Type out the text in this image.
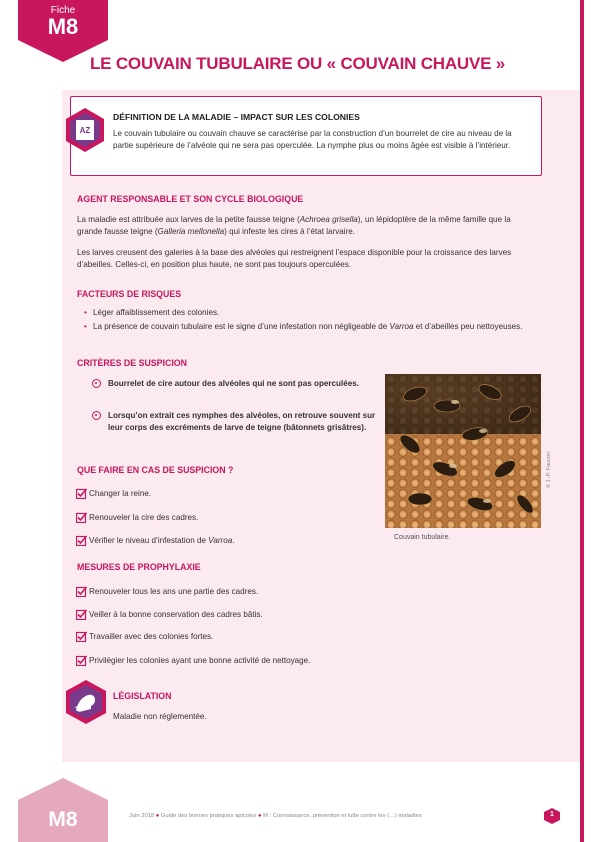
Fiche
M8
LE COUVAIN TUBULAIRE OU « COUVAIN CHAUVE »
AZ
DÉFINITION DE LA MALADIE – IMPACT SUR LES COLONIES
Le couvain tubulaire ou couvain chauve se caractérise par la construction d’un bourrelet de cire au niveau de la partie supérieure de l’alvéole qui ne sera pas operculée. La nymphe plus ou moins âgée est visible à l’intérieur.
AGENT RESPONSABLE ET SON CYCLE BIOLOGIQUE
La maladie est attribuée aux larves de la petite fausse teigne (Achroea grisella), un lépidoptère de la même famille que la grande fausse teigne (Galleria mellonella) qui infeste les cires à l’état larvaire.
Les larves creusent des galeries à la base des alvéoles qui restreignent l’espace disponible pour la croissance des larves d’abeilles. Celles-ci, en position plus haute, ne sont pas toujours operculées.
FACTEURS DE RISQUES
• Léger affaiblissement des colonies.
• La présence de couvain tubulaire est le signe d’une infestation non négligeable de Varroa et d’abeilles peu nettoyeuses.
CRITÈRES DE SUSPICION
Bourrelet de cire autour des alvéoles qui ne sont pas operculées.
Lorsqu’on extrait ces nymphes des alvéoles, on retrouve souvent sur leur corps des excréments de larve de teigne (bâtonnets grisâtres).
QUE FAIRE EN CAS DE SUSPICION ?
Changer la reine.
Renouveler la cire des cadres.
Vérifier le niveau d’infestation de Varroa.
MESURES DE PROPHYLAXIE
Renouveler tous les ans une partie des cadres.
Veiller à la bonne conservation des cadres bâtis.
Travailler avec des colonies fortes.
Privilégier les colonies ayant une bonne activité de nettoyage.
© J.-P. Faucon
Couvain tubulaire.
LÉGISLATION
Maladie non réglementée.
M8	Juin 2018 ● Guide des bonnes pratiques apicoles ● M : Connaissance, prévention et lutte contre les (…) maladies	1
